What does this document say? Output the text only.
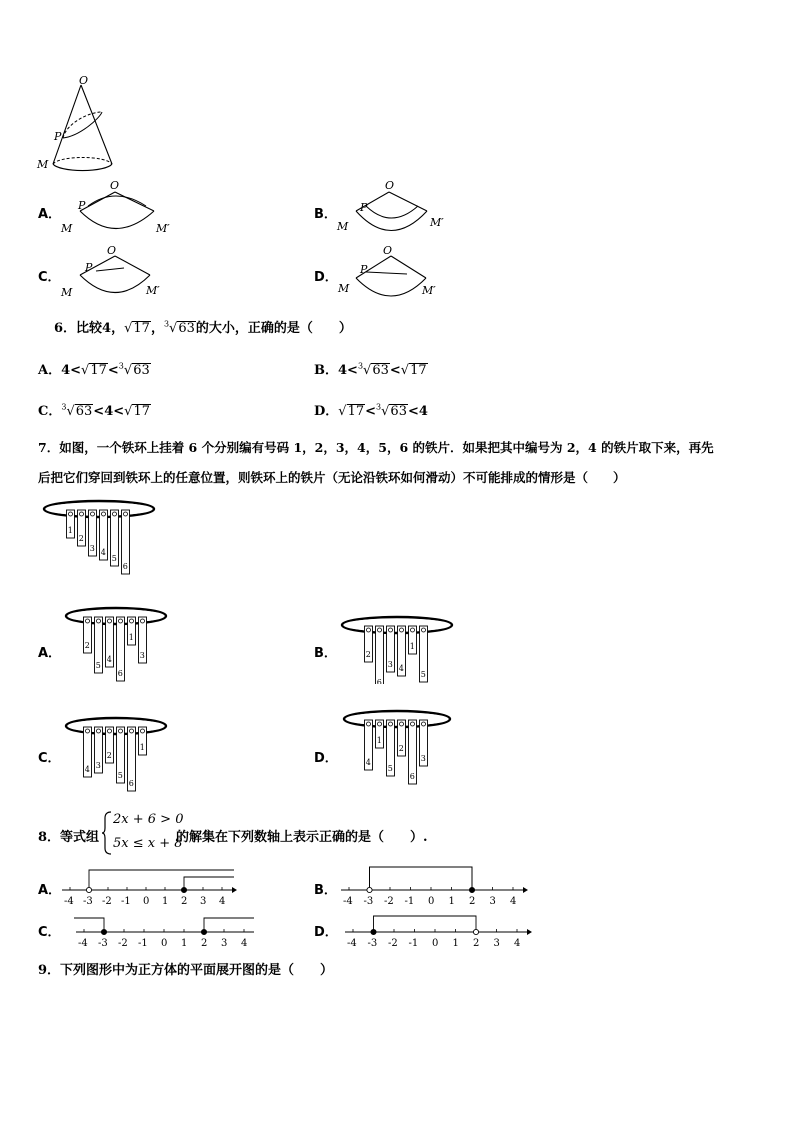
O
P
M
A．
O
P
M	M′
B．
O
P
M	M′
C．
O
P
M	M′
D．
O
P
M	M′
6．比较4，√17，$^3$√63的大小，正确的是（　　）
A．4<√17<$^3$√63	B．4<$^3$√63<√17
C．$^3$√63<4<√17	D．√17<$^3$√63<4
7．如图，一个铁环上挂着 6 个分别编有号码 1，2，3，4，5，6 的铁片．如果把其中编号为 2，4 的铁片取下来，再先
后把它们穿回到铁环上的任意位置，则铁环上的铁片（无论沿铁环如何滑动）不可能排成的情形是（　　）
1
2
3 4
5
6
A．
2
5
4
6
1
3	B．	2
6
3 4
1
5
C．
4 3
2
5
6
1
D．	4
1
5
2
6
3
8．等式组
2x + 6 > 0
5x ≤ x + 8
的解集在下列数轴上表示正确的是（　　）.
A．
-4 -3 -2 -1 0 1 2 3 4
B．
-4 -3 -2 -1 0 1 2 3 4
C．
-4 -3 -2 -1 0 1 2 3 4
D．
-4 -3 -2 -1 0 1 2 3 4
9．下列图形中为正方体的平面展开图的是（　　）
